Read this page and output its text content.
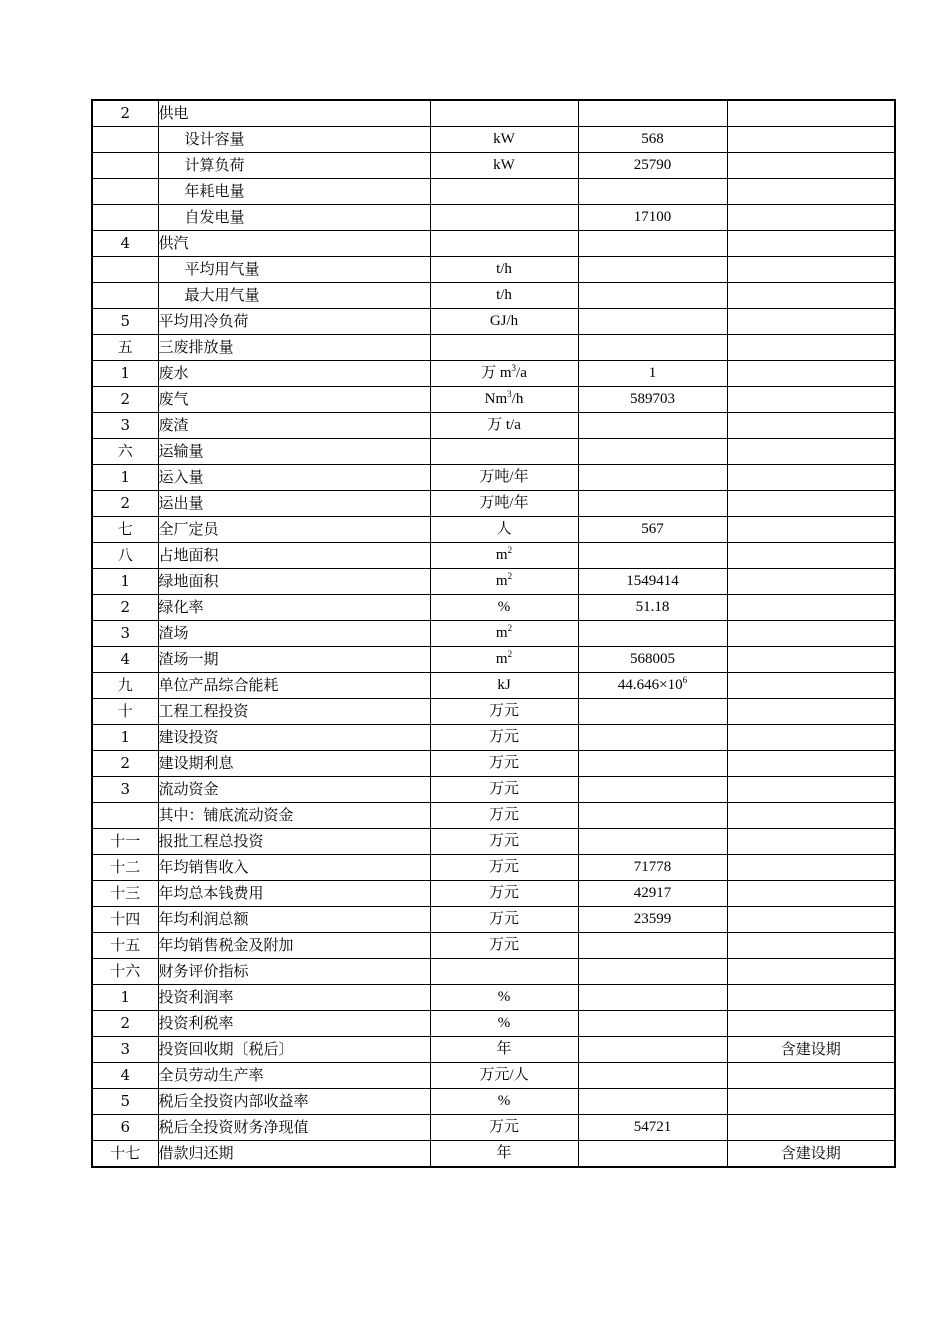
2	供电			
	设计容量	kW	568	
	计算负荷	kW	25790	
	年耗电量			
	自发电量		17100	
4	供汽			
	平均用气量	t/h		
	最大用气量	t/h		
5	平均用冷负荷	GJ/h		
五	三废排放量			
1	废水	万 $m^3/a$	1	
2	废气	Nm$^3$/h	589703	
3	废渣	万 t/a		
六	运输量			
1	运入量	万吨/年		
2	运出量	万吨/年		
七	全厂定员	人	567	
八	占地面积	$m^2$		
1	绿地面积	$m^2$	1549414	
2	绿化率	%	51.18	
3	渣场	$m^2$		
4	渣场一期	$m^2$	568005	
九	单位产品综合能耗	kJ	$44.646\times 10^6$	
十	工程工程投资	万元		
1	建设投资	万元		
2	建设期利息	万元		
3	流动资金	万元		
	其中：铺底流动资金	万元		
十一	报批工程总投资	万元		
十二	年均销售收入	万元	71778	
十三	年均总本钱费用	万元	42917	
十四	年均利润总额	万元	23599	
十五	年均销售税金及附加	万元		
十六	财务评价指标			
1	投资利润率	%		
2	投资利税率	%		
3	投资回收期〔税后〕	年		含建设期
4	全员劳动生产率	万元/人		
5	税后全投资内部收益率	%		
6	税后全投资财务净现值	万元	54721	
十七	借款归还期	年		含建设期
